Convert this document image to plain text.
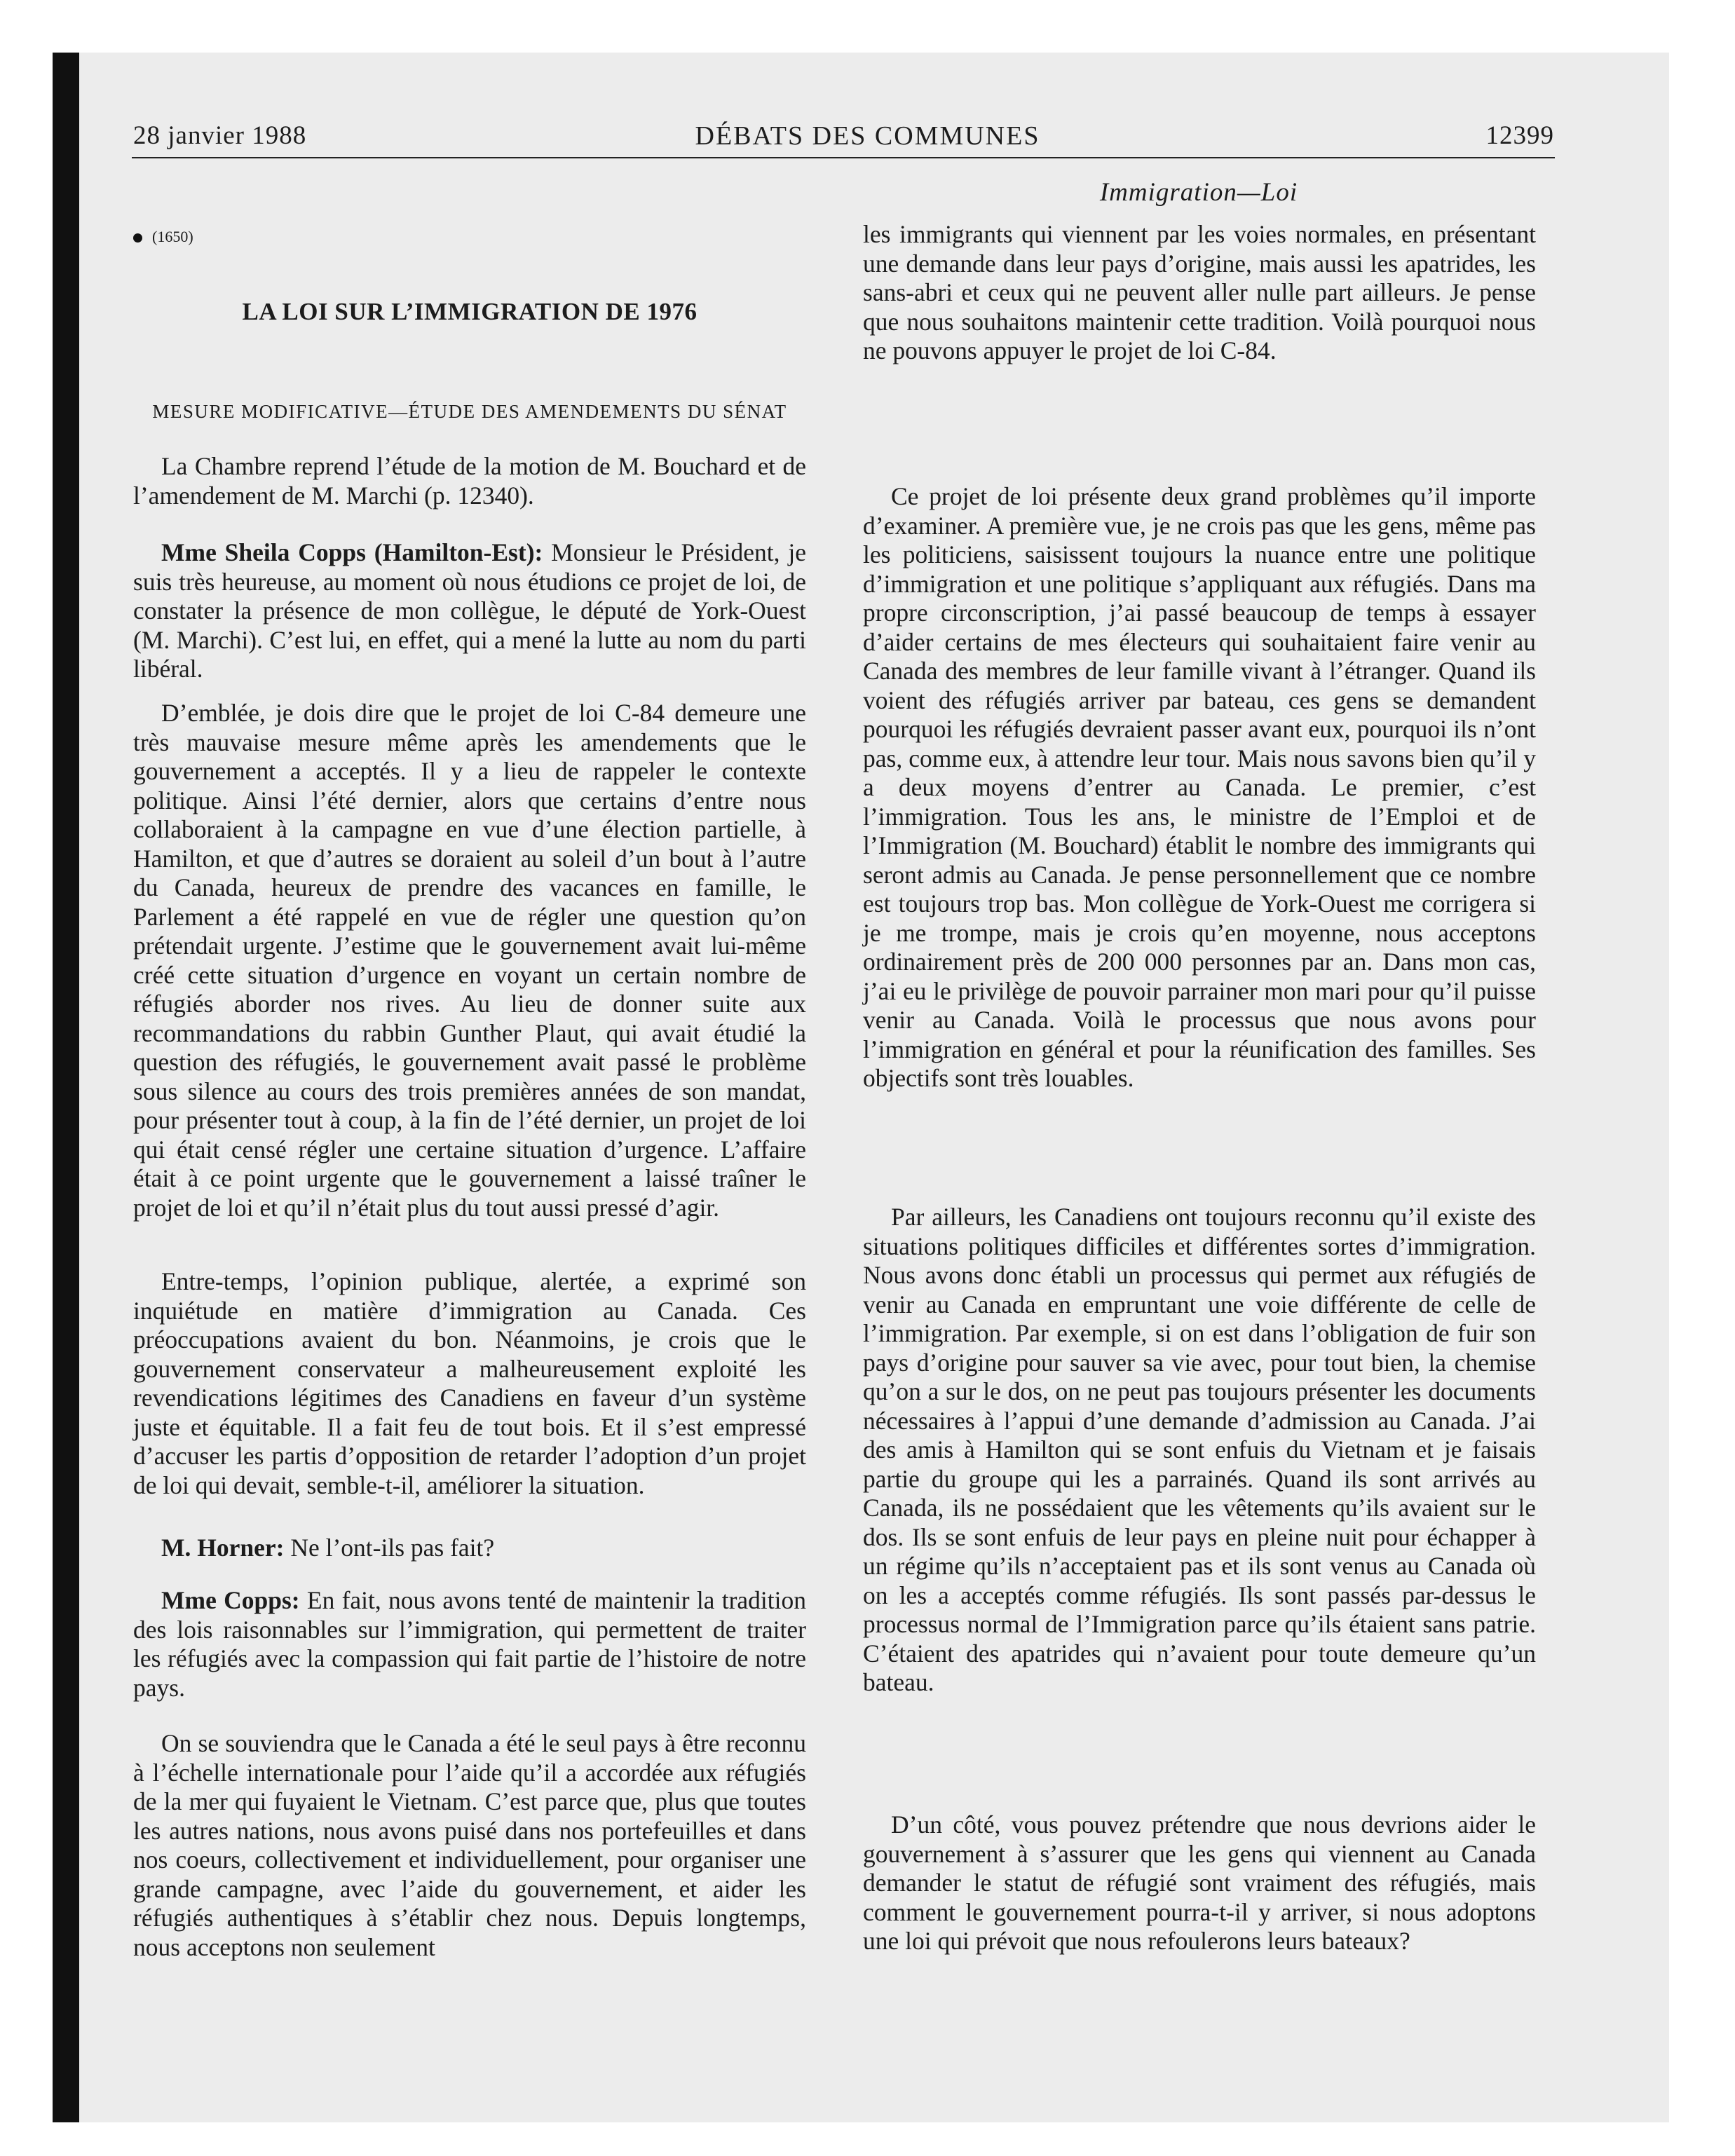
28 janvier 1988	DÉBATS DES COMMUNES	12399
Immigration—Loi
(1650)
LA LOI SUR L’IMMIGRATION DE 1976
MESURE MODIFICATIVE—ÉTUDE DES AMENDEMENTS DU SÉNAT

La Chambre reprend l’étude de la motion de M. Bouchard et de l’amendement de M. Marchi (p. 12340).

Mme Sheila Copps (Hamilton-Est): Monsieur le Président, je suis très heureuse, au moment où nous étudions ce projet de loi, de constater la présence de mon collègue, le député de York-Ouest (M. Marchi). C’est lui, en effet, qui a mené la lutte au nom du parti libéral.

D’emblée, je dois dire que le projet de loi C-84 demeure une très mauvaise mesure même après les amendements que le gouvernement a acceptés. Il y a lieu de rappeler le contexte politique. Ainsi l’été dernier, alors que certains d’entre nous collaboraient à la campagne en vue d’une élection partielle, à Hamilton, et que d’autres se doraient au soleil d’un bout à l’autre du Canada, heureux de prendre des vacances en famille, le Parlement a été rappelé en vue de régler une question qu’on prétendait urgente. J’estime que le gouvernement avait lui-même créé cette situation d’urgence en voyant un certain nombre de réfugiés aborder nos rives. Au lieu de donner suite aux recommandations du rabbin Gunther Plaut, qui avait étudié la question des réfugiés, le gouvernement avait passé le problème sous silence au cours des trois premières années de son mandat, pour présenter tout à coup, à la fin de l’été dernier, un projet de loi qui était censé régler une certaine situation d’urgence. L’affaire était à ce point urgente que le gouvernement a laissé traîner le projet de loi et qu’il n’était plus du tout aussi pressé d’agir.

Entre-temps, l’opinion publique, alertée, a exprimé son inquiétude en matière d’immigration au Canada. Ces préoccupations avaient du bon. Néanmoins, je crois que le gouvernement conservateur a malheureusement exploité les revendications légitimes des Canadiens en faveur d’un système juste et équitable. Il a fait feu de tout bois. Et il s’est empressé d’accuser les partis d’opposition de retarder l’adoption d’un projet de loi qui devait, semble-t-il, améliorer la situation.

M. Horner: Ne l’ont-ils pas fait?

Mme Copps: En fait, nous avons tenté de maintenir la tradition des lois raisonnables sur l’immigration, qui permettent de traiter les réfugiés avec la compassion qui fait partie de l’histoire de notre pays.

On se souviendra que le Canada a été le seul pays à être reconnu à l’échelle internationale pour l’aide qu’il a accordée aux réfugiés de la mer qui fuyaient le Vietnam. C’est parce que, plus que toutes les autres nations, nous avons puisé dans nos portefeuilles et dans nos coeurs, collectivement et individuellement, pour organiser une grande campagne, avec l’aide du gouvernement, et aider les réfugiés authentiques à s’établir chez nous. Depuis longtemps, nous acceptons non seulement

les immigrants qui viennent par les voies normales, en présentant une demande dans leur pays d’origine, mais aussi les apatrides, les sans-abri et ceux qui ne peuvent aller nulle part ailleurs. Je pense que nous souhaitons maintenir cette tradition. Voilà pourquoi nous ne pouvons appuyer le projet de loi C-84.

Ce projet de loi présente deux grand problèmes qu’il importe d’examiner. A première vue, je ne crois pas que les gens, même pas les politiciens, saisissent toujours la nuance entre une politique d’immigration et une politique s’appliquant aux réfugiés. Dans ma propre circonscription, j’ai passé beaucoup de temps à essayer d’aider certains de mes électeurs qui souhaitaient faire venir au Canada des membres de leur famille vivant à l’étranger. Quand ils voient des réfugiés arriver par bateau, ces gens se demandent pourquoi les réfugiés devraient passer avant eux, pourquoi ils n’ont pas, comme eux, à attendre leur tour. Mais nous savons bien qu’il y a deux moyens d’entrer au Canada. Le premier, c’est l’immigration. Tous les ans, le ministre de l’Emploi et de l’Immigration (M. Bouchard) établit le nombre des immigrants qui seront admis au Canada. Je pense personnellement que ce nombre est toujours trop bas. Mon collègue de York-Ouest me corrigera si je me trompe, mais je crois qu’en moyenne, nous acceptons ordinairement près de 200 000 personnes par an. Dans mon cas, j’ai eu le privilège de pouvoir parrainer mon mari pour qu’il puisse venir au Canada. Voilà le processus que nous avons pour l’immigration en général et pour la réunification des familles. Ses objectifs sont très louables.

Par ailleurs, les Canadiens ont toujours reconnu qu’il existe des situations politiques difficiles et différentes sortes d’immigration. Nous avons donc établi un processus qui permet aux réfugiés de venir au Canada en empruntant une voie différente de celle de l’immigration. Par exemple, si on est dans l’obligation de fuir son pays d’origine pour sauver sa vie avec, pour tout bien, la chemise qu’on a sur le dos, on ne peut pas toujours présenter les documents nécessaires à l’appui d’une demande d’admission au Canada. J’ai des amis à Hamilton qui se sont enfuis du Vietnam et je faisais partie du groupe qui les a parrainés. Quand ils sont arrivés au Canada, ils ne possédaient que les vêtements qu’ils avaient sur le dos. Ils se sont enfuis de leur pays en pleine nuit pour échapper à un régime qu’ils n’acceptaient pas et ils sont venus au Canada où on les a acceptés comme réfugiés. Ils sont passés par-dessus le processus normal de l’Immigration parce qu’ils étaient sans patrie. C’étaient des apatrides qui n’avaient pour toute demeure qu’un bateau.

D’un côté, vous pouvez prétendre que nous devrions aider le gouvernement à s’assurer que les gens qui viennent au Canada demander le statut de réfugié sont vraiment des réfugiés, mais comment le gouvernement pourra-t-il y arriver, si nous adoptons une loi qui prévoit que nous refoulerons leurs bateaux?
